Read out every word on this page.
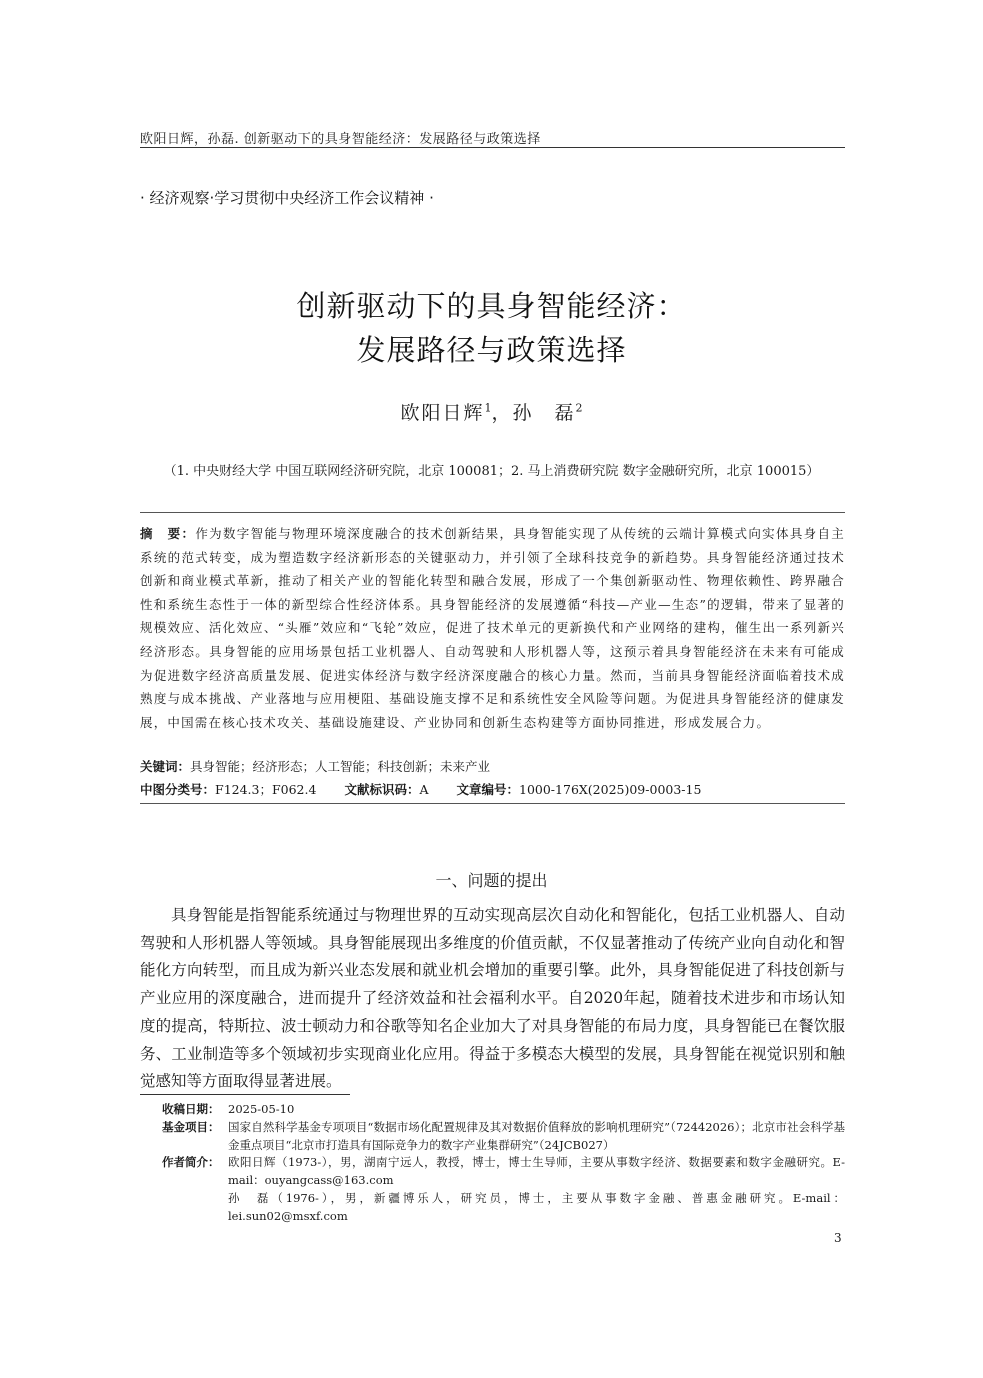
欧阳日辉，孙磊. 创新驱动下的具身智能经济：发展路径与政策选择
· 经济观察·学习贯彻中央经济工作会议精神 ·
创新驱动下的具身智能经济：
发展路径与政策选择
欧阳日辉$^1$，孙　磊$^2$
（1. 中央财经大学 中国互联网经济研究院，北京 100081；2. 马上消费研究院 数字金融研究所，北京 100015）
摘　要：作为数字智能与物理环境深度融合的技术创新结果，具身智能实现了从传统的云端计算模式向实体具身自主系统的范式转变，成为塑造数字经济新形态的关键驱动力，并引领了全球科技竞争的新趋势。具身智能经济通过技术创新和商业模式革新，推动了相关产业的智能化转型和融合发展，形成了一个集创新驱动性、物理依赖性、跨界融合性和系统生态性于一体的新型综合性经济体系。具身智能经济的发展遵循“科技—产业—生态”的逻辑，带来了显著的规模效应、活化效应、“头雁”效应和“飞轮”效应，促进了技术单元的更新换代和产业网络的建构，催生出一系列新兴经济形态。具身智能的应用场景包括工业机器人、自动驾驶和人形机器人等，这预示着具身智能经济在未来有可能成为促进数字经济高质量发展、促进实体经济与数字经济深度融合的核心力量。然而，当前具身智能经济面临着技术成熟度与成本挑战、产业落地与应用梗阻、基础设施支撑不足和系统性安全风险等问题。为促进具身智能经济的健康发展，中国需在核心技术攻关、基础设施建设、产业协同和创新生态构建等方面协同推进，形成发展合力。
关键词：具身智能；经济形态；人工智能；科技创新；未来产业
中图分类号：F124.3；F062.4 文献标识码：A 文章编号：1000-176X(2025)09-0003-15
一、问题的提出
具身智能是指智能系统通过与物理世界的互动实现高层次自动化和智能化，包括工业机器人、自动驾驶和人形机器人等领域。具身智能展现出多维度的价值贡献，不仅显著推动了传统产业向自动化和智能化方向转型，而且成为新兴业态发展和就业机会增加的重要引擎。此外，具身智能促进了科技创新与产业应用的深度融合，进而提升了经济效益和社会福利水平。自2020年起，随着技术进步和市场认知度的提高，特斯拉、波士顿动力和谷歌等知名企业加大了对具身智能的布局力度，具身智能已在餐饮服务、工业制造等多个领域初步实现商业化应用。得益于多模态大模型的发展，具身智能在视觉识别和触觉感知等方面取得显著进展。
收稿日期： 2025-05-10
基金项目： 国家自然科学基金专项项目“数据市场化配置规律及其对数据价值释放的影响机理研究”（72442026）；北京市社会科学基金重点项目“北京市打造具有国际竞争力的数字产业集群研究”（24JCB027）
作者简介： 欧阳日辉（1973-），男，湖南宁远人，教授，博士，博士生导师，主要从事数字经济、数据要素和数字金融研究。E-mail：ouyangcass@163.com

孙　磊（1976-），男，新疆博乐人，研究员，博士，主要从事数字金融、普惠金融研究。E-mail：lei.sun02@msxf.com

3
